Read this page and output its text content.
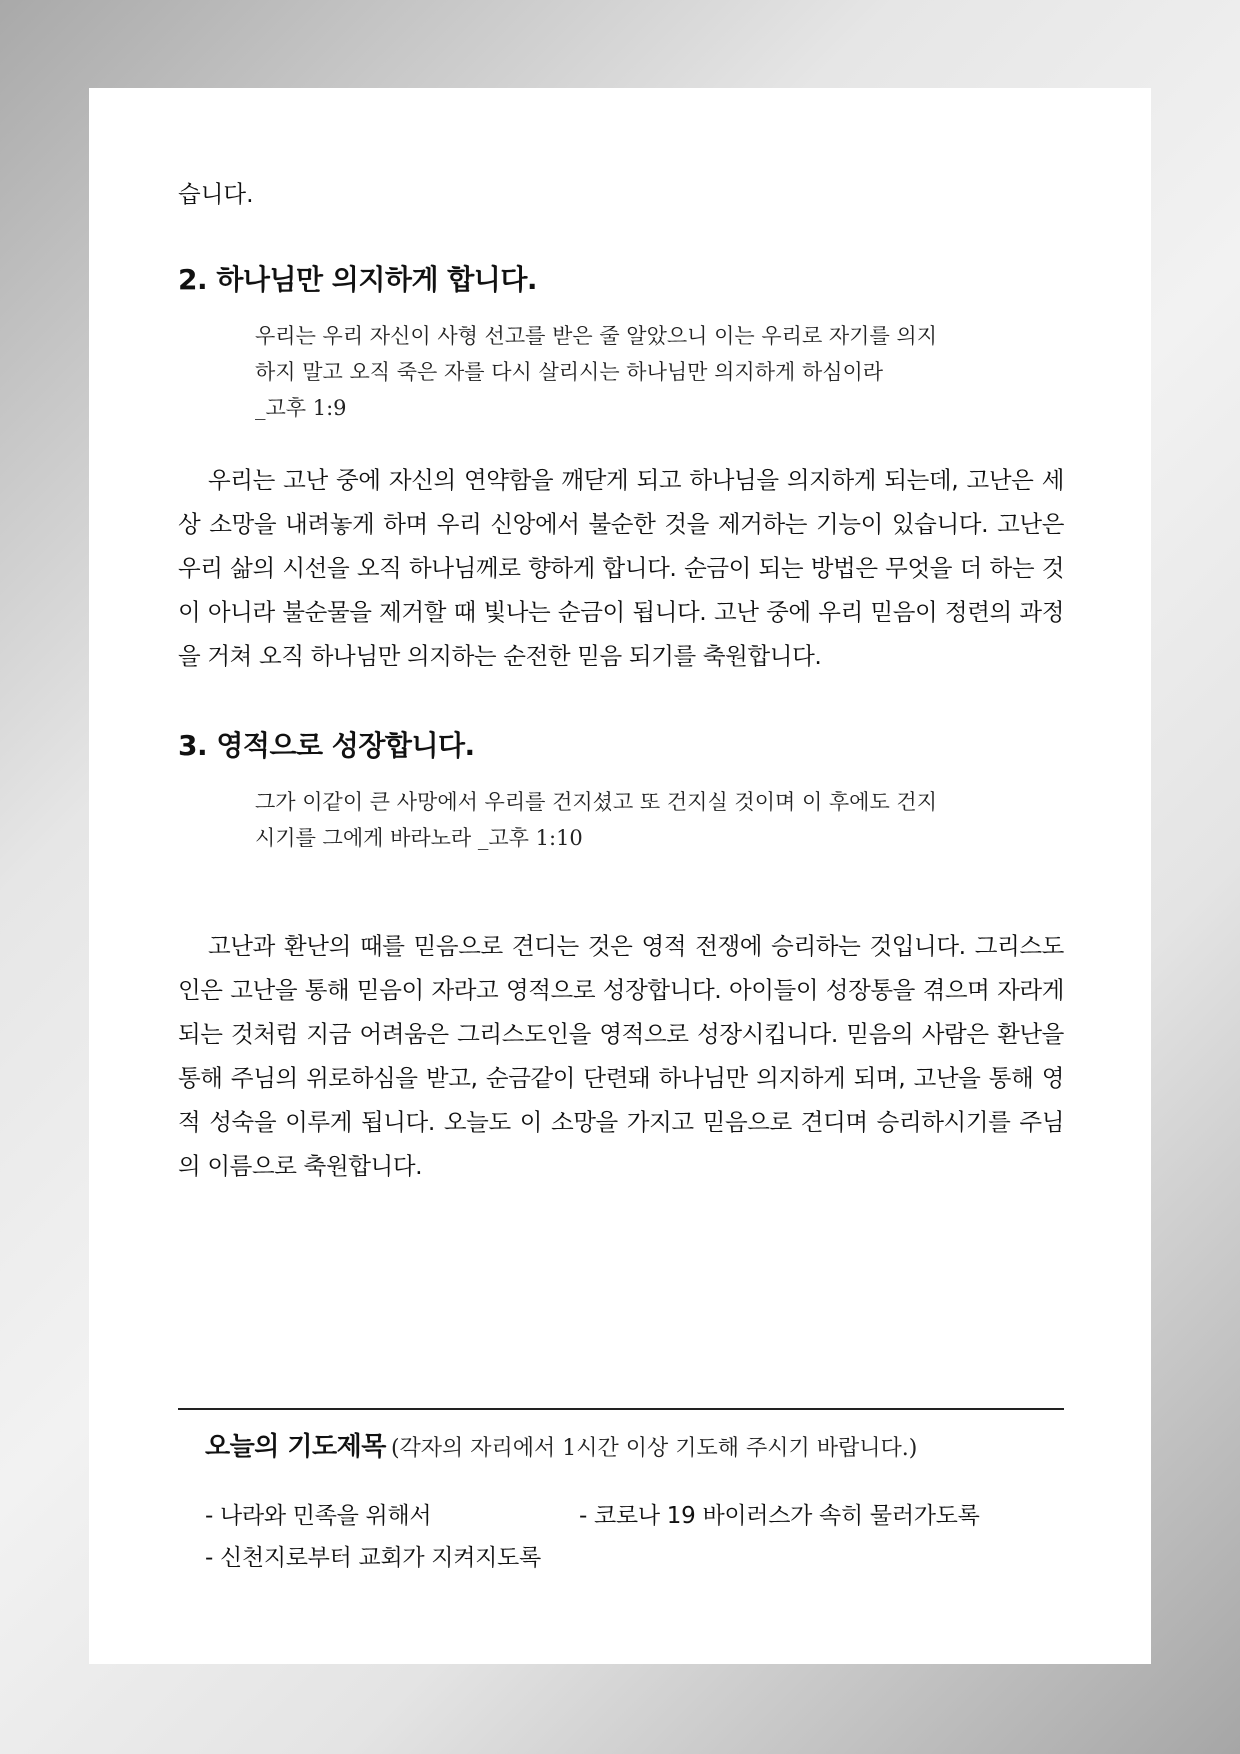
습니다.
2. 하나님만 의지하게 합니다.
우리는 우리 자신이 사형 선고를 받은 줄 알았으니 이는 우리로 자기를 의지
하지 말고 오직 죽은 자를 다시 살리시는 하나님만 의지하게 하심이라
_고후 1:9
우리는 고난 중에 자신의 연약함을 깨닫게 되고 하나님을 의지하게 되는데, 고난은 세상 소망을 내려놓게 하며 우리 신앙에서 불순한 것을 제거하는 기능이 있습니다. 고난은 우리 삶의 시선을 오직 하나님께로 향하게 합니다. 순금이 되는 방법은 무엇을 더 하는 것이 아니라 불순물을 제거할 때 빛나는 순금이 됩니다. 고난 중에 우리 믿음이 정련의 과정을 거쳐 오직 하나님만 의지하는 순전한 믿음 되기를 축원합니다.
3. 영적으로 성장합니다.
그가 이같이 큰 사망에서 우리를 건지셨고 또 건지실 것이며 이 후에도 건지
시기를 그에게 바라노라 _고후 1:10
고난과 환난의 때를 믿음으로 견디는 것은 영적 전쟁에 승리하는 것입니다. 그리스도인은 고난을 통해 믿음이 자라고 영적으로 성장합니다. 아이들이 성장통을 겪으며 자라게 되는 것처럼 지금 어려움은 그리스도인을 영적으로 성장시킵니다. 믿음의 사람은 환난을 통해 주님의 위로하심을 받고, 순금같이 단련돼 하나님만 의지하게 되며, 고난을 통해 영적 성숙을 이루게 됩니다. 오늘도 이 소망을 가지고 믿음으로 견디며 승리하시기를 주님의 이름으로 축원합니다.
오늘의 기도제목 (각자의 자리에서 1시간 이상 기도해 주시기 바랍니다.)
- 나라와 민족을 위해서	- 코로나 19 바이러스가 속히 물러가도록
- 신천지로부터 교회가 지켜지도록
